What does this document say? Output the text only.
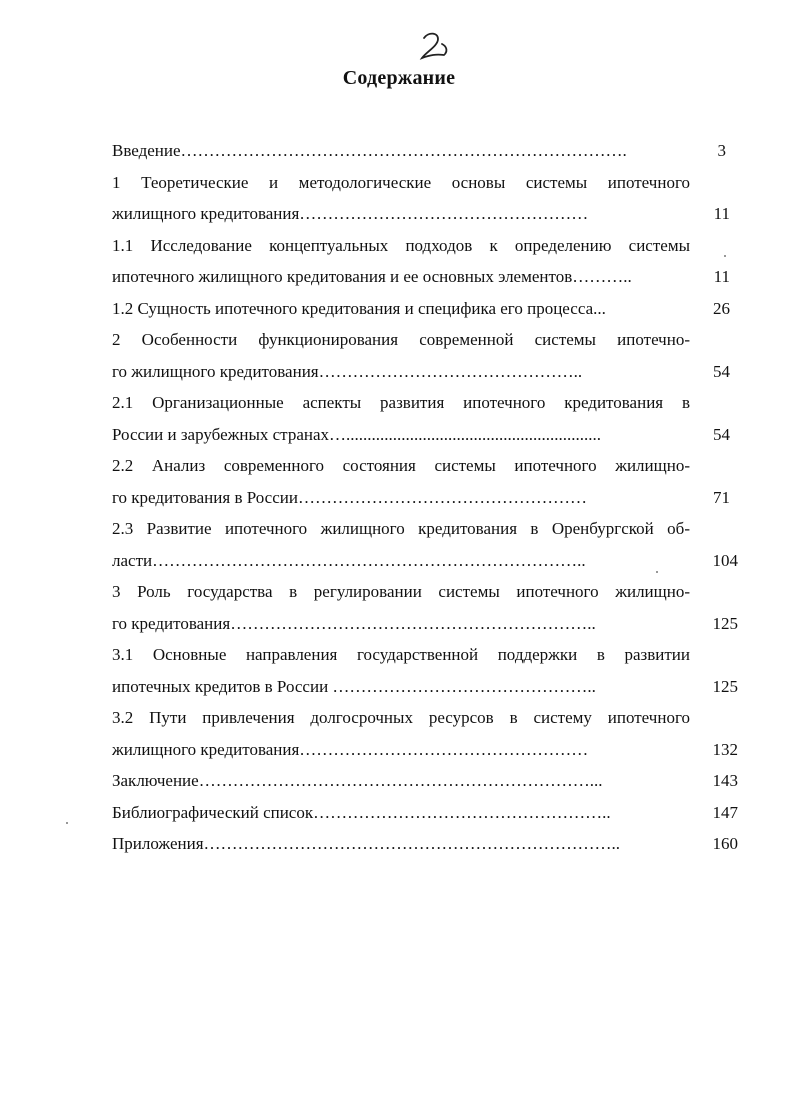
Содержание
Введение…………………………………………………………………….	3
1 Теоретические и методологические основы системы ипотечного
жилищного кредитования……………………………………………	11
1.1 Исследование концептуальных подходов к определению системы
ипотечного жилищного кредитования и ее основных элементов………..	11
1.2 Сущность ипотечного кредитования и специфика его процесса...	26
2 Особенности функционирования современной системы ипотечно-
го жилищного кредитования………………………………………..	54
2.1 Организационные аспекты развития ипотечного кредитования в
России и зарубежных странах…............................................................	54
2.2 Анализ современного состояния системы ипотечного жилищно-
го кредитования в России……………………………………………	71
2.3 Развитие ипотечного жилищного кредитования в Оренбургской об-
ласти…………………………………………………………………..	104
3 Роль государства в регулировании системы ипотечного жилищно-
го кредитования………………………………………………………..	125
3.1 Основные направления государственной поддержки в развитии
ипотечных кредитов в России ………………………………………..	125
3.2 Пути привлечения долгосрочных ресурсов в систему ипотечного
жилищного кредитования……………………………………………	132
Заключение……………………………………………………………...	143
Библиографический список……………………………………………..	147
Приложения………………………………………………………………..	160
